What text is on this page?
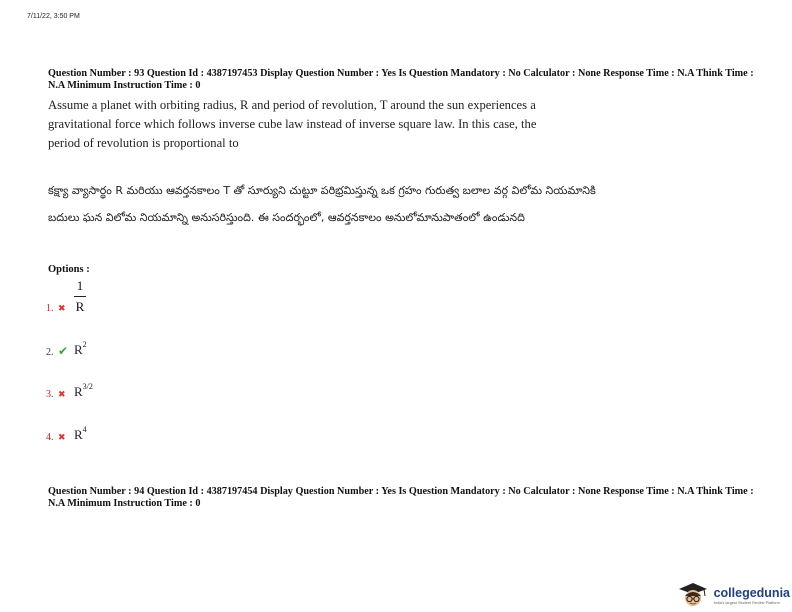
7/11/22, 3:50 PM
Question Number : 93 Question Id : 4387197453 Display Question Number : Yes Is Question Mandatory : No Calculator : None Response Time : N.A Think Time : N.A Minimum Instruction Time : 0
Assume a planet with orbiting radius, R and period of revolution, T around the sun experiences a gravitational force which follows inverse cube law instead of inverse square law. In this case, the period of revolution is proportional to
కక్ష్యా వ్యాసార్థం R మరియు ఆవర్తనకాలం T తో సూర్యుని చుట్టూ పరిభ్రమిస్తున్న ఒక గ్రహం గురుత్వ బలాల వర్గ విలోమ నియమానికి బదులు ఘన విలోమ నియమాన్ని అనుసరిస్తుంది. ఈ సందర్భంలో, ఆవర్తనకాలం అనులోమానుపాతంలో ఉండునది
Options :
1. ✖ $\frac{1}{R}$
2. ✔ $R^2$
3. ✖ $R^{3/2}$
4. ✖ $R^4$
Question Number : 94 Question Id : 4387197454 Display Question Number : Yes Is Question Mandatory : No Calculator : None Response Time : N.A Think Time : N.A Minimum Instruction Time : 0
collegedunia
India's largest Student Review Platform
